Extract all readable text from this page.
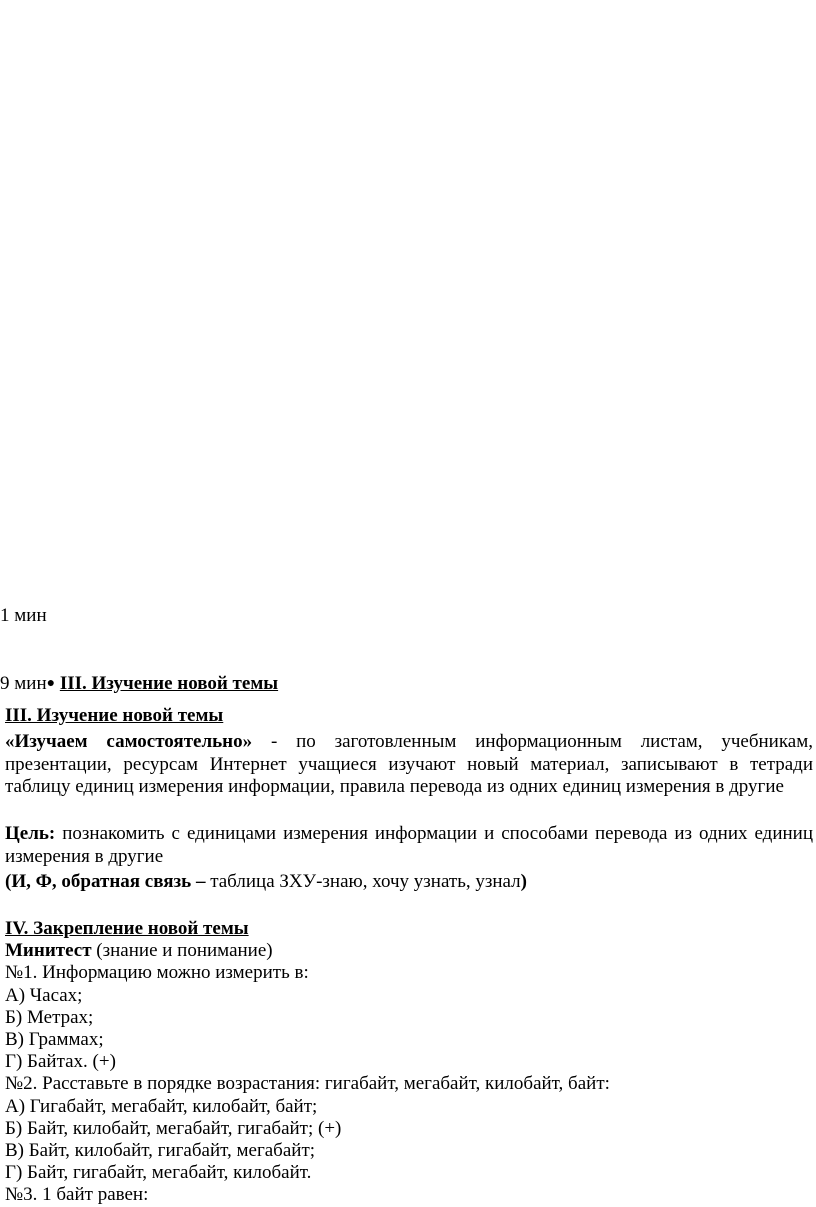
1 мин
9 мин● III. Изучение новой темы
III. Изучение новой темы
«Изучаем самостоятельно» - по заготовленным информационным листам, учебникам, презентации, ресурсам Интернет учащиеся изучают новый материал, записывают в тетради таблицу единиц измерения информации, правила перевода из одних единиц измерения в другие
Цель: познакомить с единицами измерения информации и способами перевода из одних единиц измерения в другие
(И, Ф, обратная связь – таблица ЗХУ-знаю, хочу узнать, узнал)
IV. Закрепление новой темы
Минитест (знание и понимание)
№1. Информацию можно измерить в:
А) Часах;
Б) Метрах;
В) Граммах;
Г) Байтах. (+)
№2. Расставьте в порядке возрастания: гигабайт, мегабайт, килобайт, байт:
А) Гигабайт, мегабайт, килобайт, байт;
Б) Байт, килобайт, мегабайт, гигабайт; (+)
В) Байт, килобайт, гигабайт, мегабайт;
Г) Байт, гигабайт, мегабайт, килобайт.
№3. 1 байт равен:
